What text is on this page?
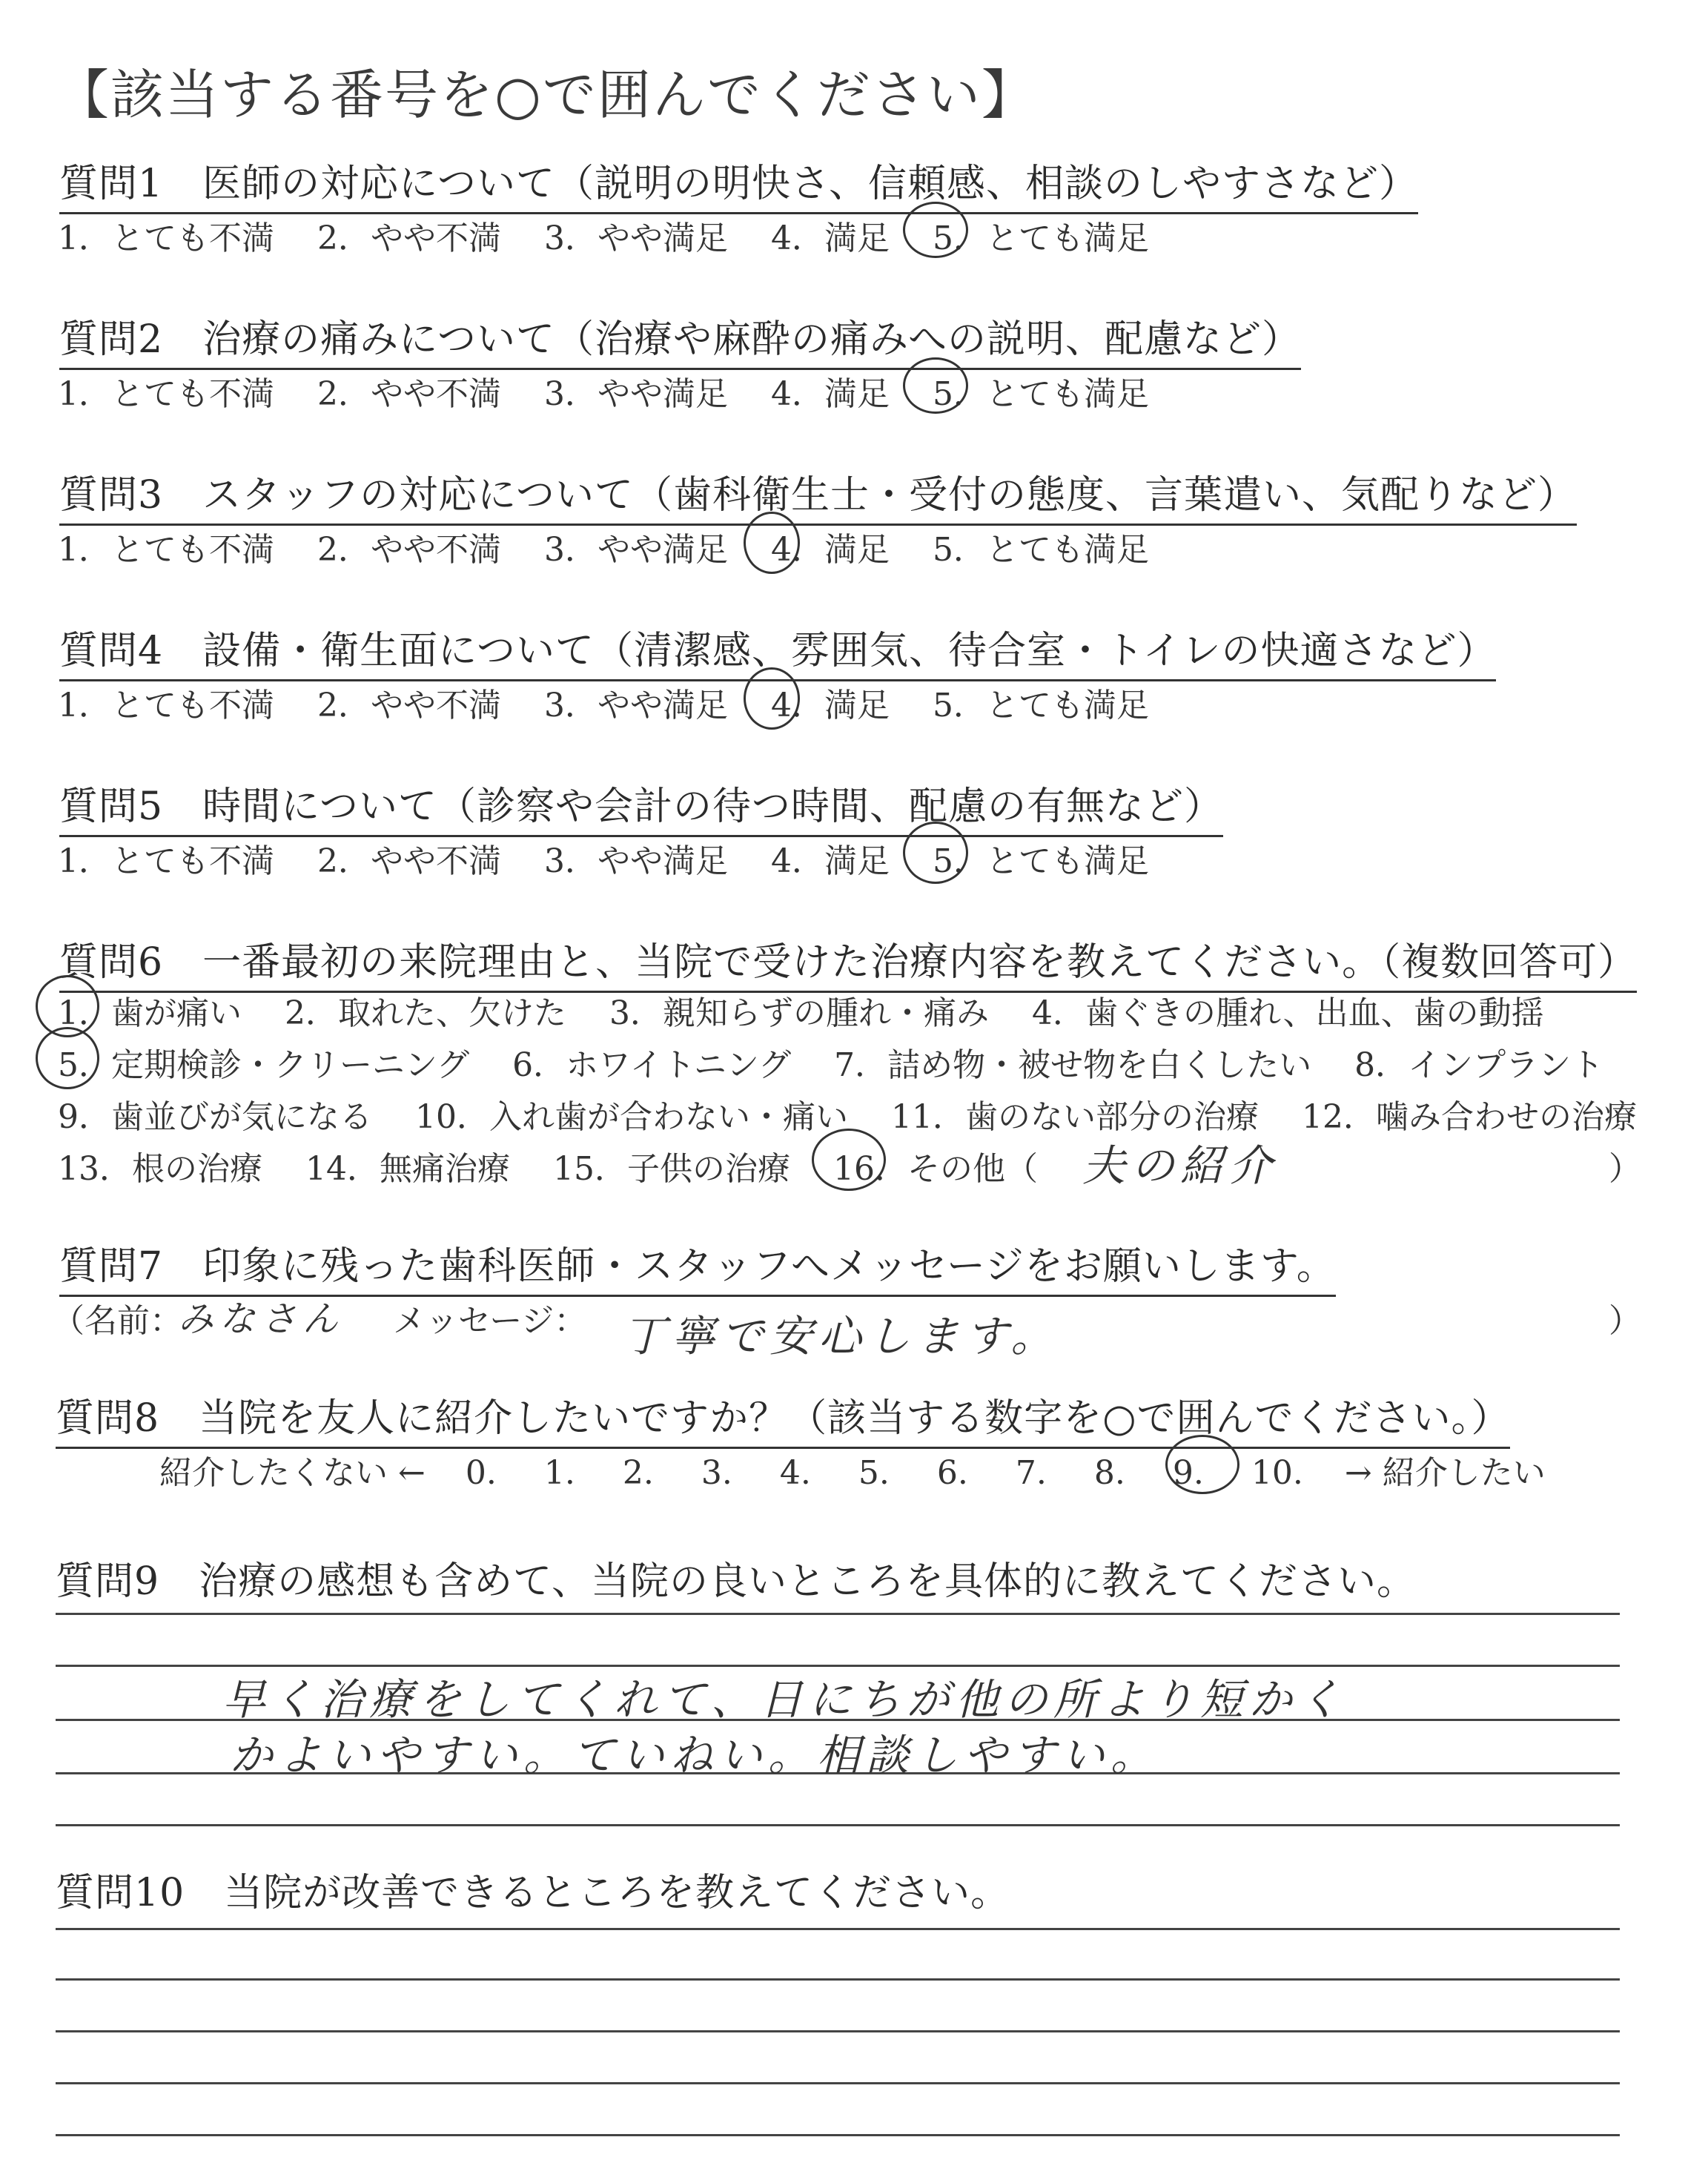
【該当する番号を○で囲んでください】
質問1　医師の対応について（説明の明快さ、信頼感、相談のしやすさなど）
1．とても不満 2．やや不満 3．やや満足 4．満足 5．とても満足
質問2　治療の痛みについて（治療や麻酔の痛みへの説明、配慮など）
1．とても不満 2．やや不満 3．やや満足 4．満足 5．とても満足
質問3　スタッフの対応について（歯科衛生士・受付の態度、言葉遣い、気配りなど）
1．とても不満 2．やや不満 3．やや満足 4．満足 5．とても満足
質問4　設備・衛生面について（清潔感、雰囲気、待合室・トイレの快適さなど）
1．とても不満 2．やや不満 3．やや満足 4．満足 5．とても満足
質問5　時間について（診察や会計の待つ時間、配慮の有無など）
1．とても不満 2．やや不満 3．やや満足 4．満足 5．とても満足
質問6　一番最初の来院理由と、当院で受けた治療内容を教えてください。（複数回答可）
1．歯が痛い 2．取れた、欠けた 3．親知らずの腫れ・痛み 4．歯ぐきの腫れ、出血、歯の動揺
5．定期検診・クリーニング 6．ホワイトニング 7．詰め物・被せ物を白くしたい 8．インプラント
9．歯並びが気になる 10．入れ歯が合わない・痛い 11．歯のない部分の治療 12．噛み合わせの治療
13．根の治療 14．無痛治療 15．子供の治療 16．その他（	夫の紹介	）
質問7　印象に残った歯科医師・スタッフへメッセージをお願いします。
（名前：
みなさん メッセージ： 丁寧で安心します。	）
質問8　当院を友人に紹介したいですか？（該当する数字を○で囲んでください。）
紹介したくない ← 0. 1. 2. 3. 4. 5. 6. 7. 8. 9. 10. → 紹介したい
質問9　治療の感想も含めて、当院の良いところを具体的に教えてください。
早く治療をしてくれて、日にちが他の所より短かく
かよいやすい。ていねい。相談しやすい。
質問10　当院が改善できるところを教えてください。
